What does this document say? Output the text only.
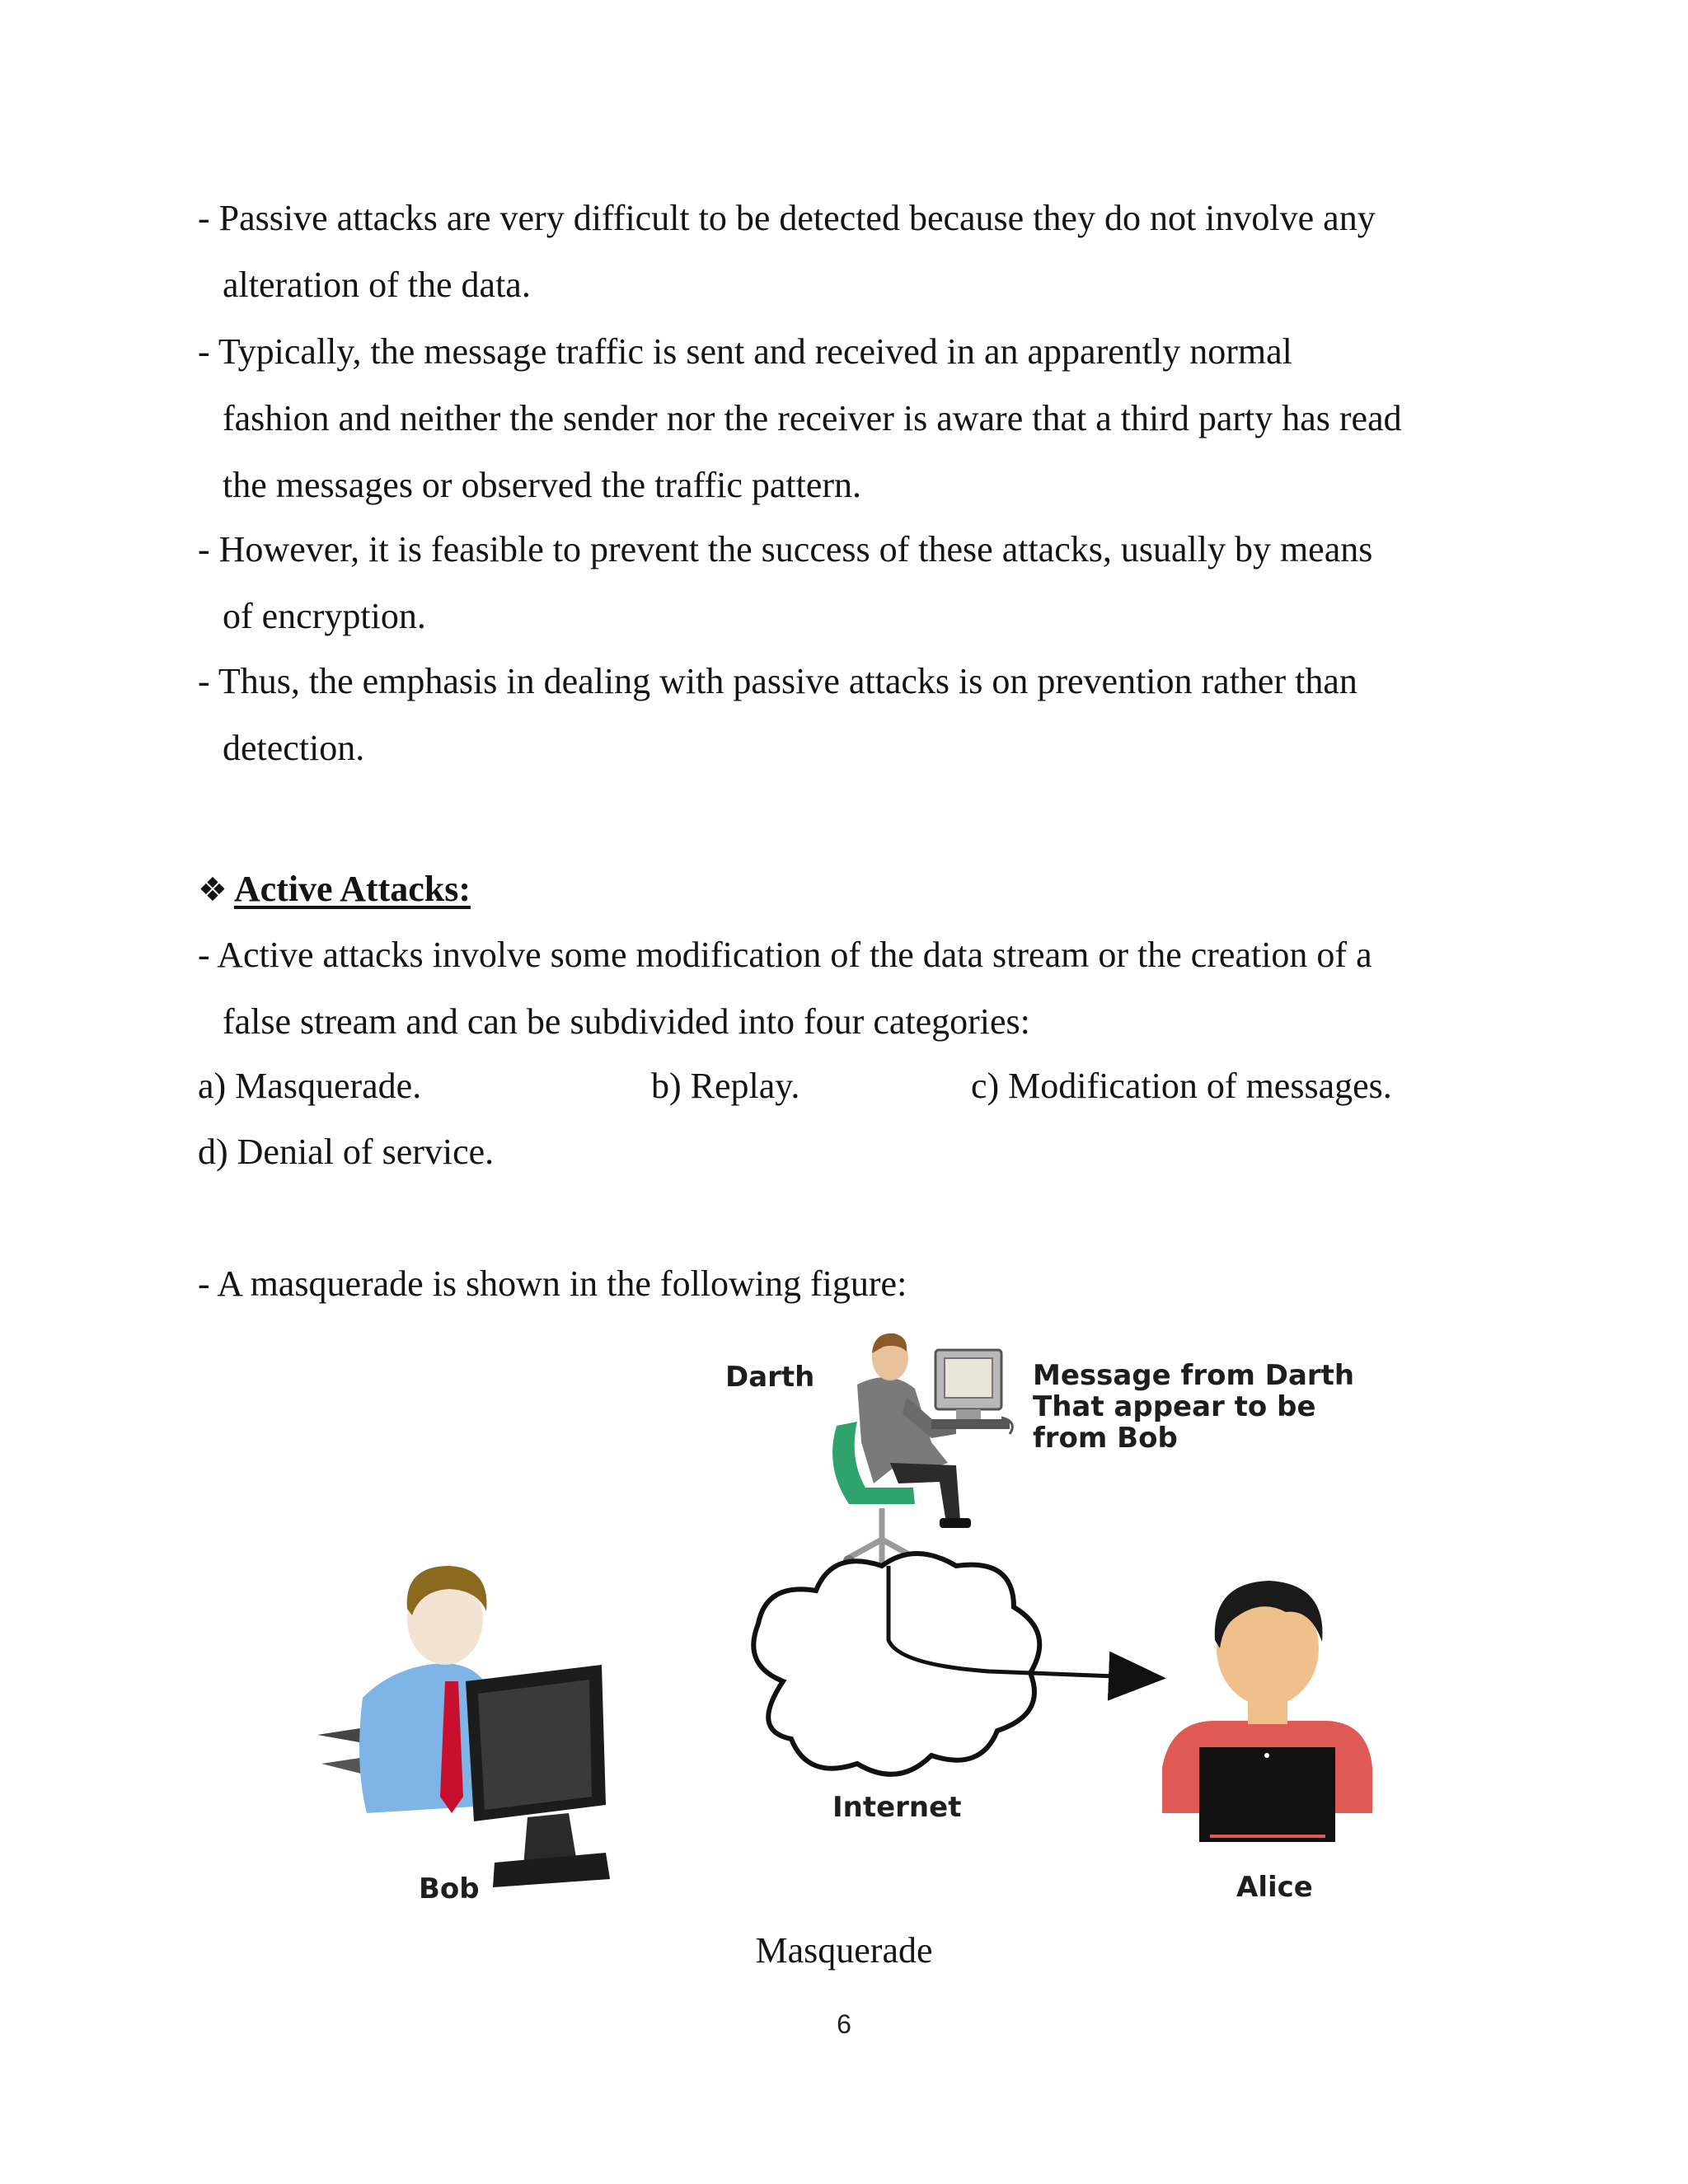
- Passive attacks are very difficult to be detected because they do not involve any
alteration of the data.
- Typically, the message traffic is sent and received in an apparently normal
fashion and neither the sender nor the receiver is aware that a third party has read
the messages or observed the traffic pattern.
- However, it is feasible to prevent the success of these attacks, usually by means
of encryption.
- Thus, the emphasis in dealing with passive attacks is on prevention rather than
detection.
❖ Active Attacks:
- Active attacks involve some modification of the data stream or the creation of a
false stream and can be subdivided into four categories:
a) Masquerade.	b) Replay.	c) Modification of messages.
d) Denial of service.
- A masquerade is shown in the following figure:
Darth	Message from Darth
That appear to be
from Bob
Internet
Bob	Alice
Masquerade
6
